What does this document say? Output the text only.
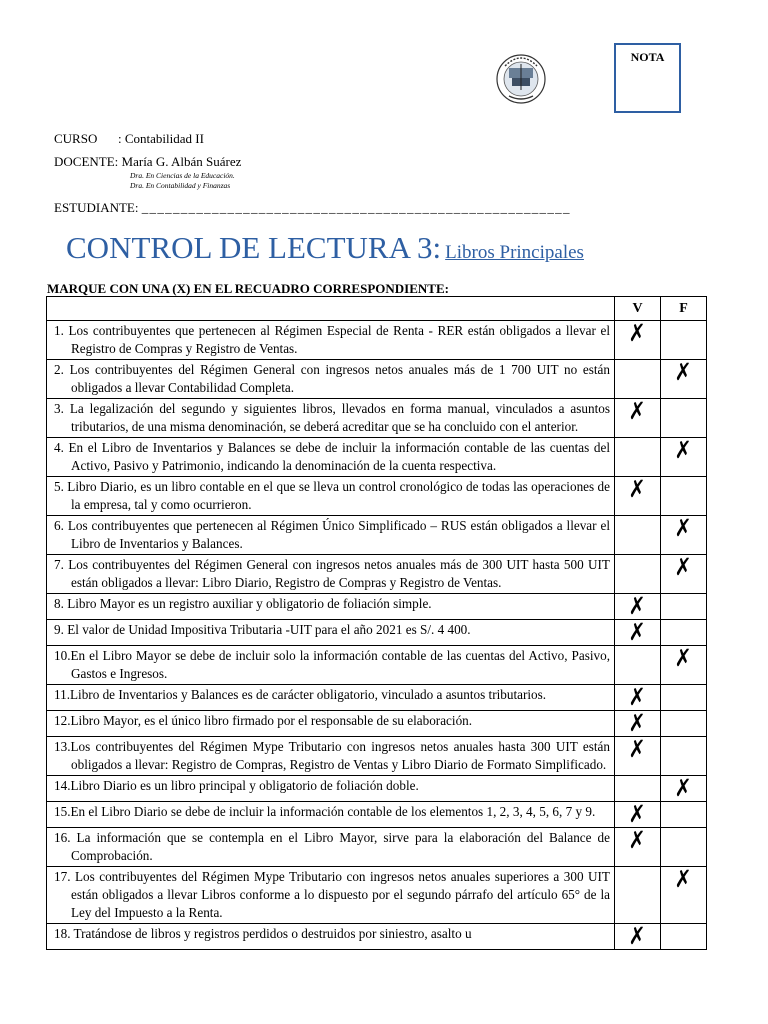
NOTA
CURSO : Contabilidad II
DOCENTE: María G. Albán Suárez
Dra. En Ciencias de la Educación.
Dra. En Contabilidad y Finanzas
ESTUDIANTE: _______________________________________________________
CONTROL DE LECTURA 3: Libros Principales
MARQUE CON UNA (X) EN EL RECUADRO CORRESPONDIENTE:
	V	F

1. Los contribuyentes que pertenecen al Régimen Especial de Renta - RER están obligados a llevar el Registro de Compras y Registro de Ventas.	✗	

2. Los contribuyentes del Régimen General con ingresos netos anuales más de 1 700 UIT no están obligados a llevar Contabilidad Completa.		✗

3. La legalización del segundo y siguientes libros, llevados en forma manual, vinculados a asuntos tributarios, de una misma denominación, se deberá acreditar que se ha concluido con el anterior.	✗	

4. En el Libro de Inventarios y Balances se debe de incluir la información contable de las cuentas del Activo, Pasivo y Patrimonio, indicando la denominación de la cuenta respectiva.		✗

5. Libro Diario, es un libro contable en el que se lleva un control cronológico de todas las operaciones de la empresa, tal y como ocurrieron.	✗	

6. Los contribuyentes que pertenecen al Régimen Único Simplificado – RUS están obligados a llevar el Libro de Inventarios y Balances.		✗

7. Los contribuyentes del Régimen General con ingresos netos anuales más de 300 UIT hasta 500 UIT están obligados a llevar: Libro Diario, Registro de Compras y Registro de Ventas.		✗

8. Libro Mayor es un registro auxiliar y obligatorio de foliación simple.	✗	

9. El valor de Unidad Impositiva Tributaria -UIT para el año 2021 es S/. 4 400.	✗	

10.En el Libro Mayor se debe de incluir solo la información contable de las cuentas del Activo, Pasivo, Gastos e Ingresos.		✗

11.Libro de Inventarios y Balances es de carácter obligatorio, vinculado a asuntos tributarios.	✗	

12.Libro Mayor, es el único libro firmado por el responsable de su elaboración.	✗	

13.Los contribuyentes del Régimen Mype Tributario con ingresos netos anuales hasta 300 UIT están obligados a llevar: Registro de Compras, Registro de Ventas y Libro Diario de Formato Simplificado.	✗	

14.Libro Diario es un libro principal y obligatorio de foliación doble.		✗

15.En el Libro Diario se debe de incluir la información contable de los elementos 1, 2, 3, 4, 5, 6, 7 y 9.	✗	

16. La información que se contempla en el Libro Mayor, sirve para la elaboración del Balance de Comprobación.	✗	

17. Los contribuyentes del Régimen Mype Tributario con ingresos netos anuales superiores a 300 UIT están obligados a llevar Libros conforme a lo dispuesto por el segundo párrafo del artículo 65° de la Ley del Impuesto a la Renta.		✗

18. Tratándose de libros y registros perdidos o destruidos por siniestro, asalto u	✗	
